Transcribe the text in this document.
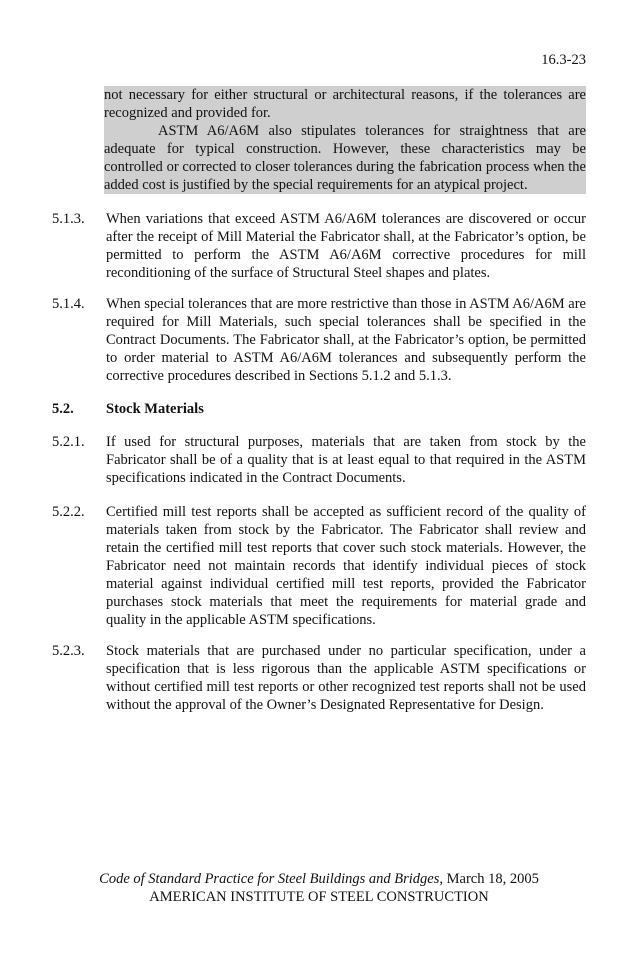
16.3-23

not necessary for either structural or architectural reasons, if the tolerances are recognized and provided for.

ASTM A6/A6M also stipulates tolerances for straightness that are adequate for typical construction. However, these characteristics may be controlled or corrected to closer tolerances during the fabrication process when the added cost is justified by the special requirements for an atypical project.

5.1.3. When variations that exceed ASTM A6/A6M tolerances are discovered or occur after the receipt of Mill Material the Fabricator shall, at the Fabricator’s option, be permitted to perform the ASTM A6/A6M corrective procedures for mill reconditioning of the surface of Structural Steel shapes and plates.
5.1.4. When special tolerances that are more restrictive than those in ASTM A6/A6M are required for Mill Materials, such special tolerances shall be specified in the Contract Documents. The Fabricator shall, at the Fabricator’s option, be permitted to order material to ASTM A6/A6M tolerances and subsequently perform the corrective procedures described in Sections 5.1.2 and 5.1.3.
5.2. Stock Materials
5.2.1. If used for structural purposes, materials that are taken from stock by the Fabricator shall be of a quality that is at least equal to that required in the ASTM specifications indicated in the Contract Documents.
5.2.2. Certified mill test reports shall be accepted as sufficient record of the quality of materials taken from stock by the Fabricator. The Fabricator shall review and retain the certified mill test reports that cover such stock materials. However, the Fabricator need not maintain records that identify individual pieces of stock material against individual certified mill test reports, provided the Fabricator purchases stock materials that meet the requirements for material grade and quality in the applicable ASTM specifications.
5.2.3. Stock materials that are purchased under no particular specification, under a specification that is less rigorous than the applicable ASTM specifications or without certified mill test reports or other recognized test reports shall not be used without the approval of the Owner’s Designated Representative for Design.
Code of Standard Practice for Steel Buildings and Bridges, March 18, 2005
AMERICAN INSTITUTE OF STEEL CONSTRUCTION
